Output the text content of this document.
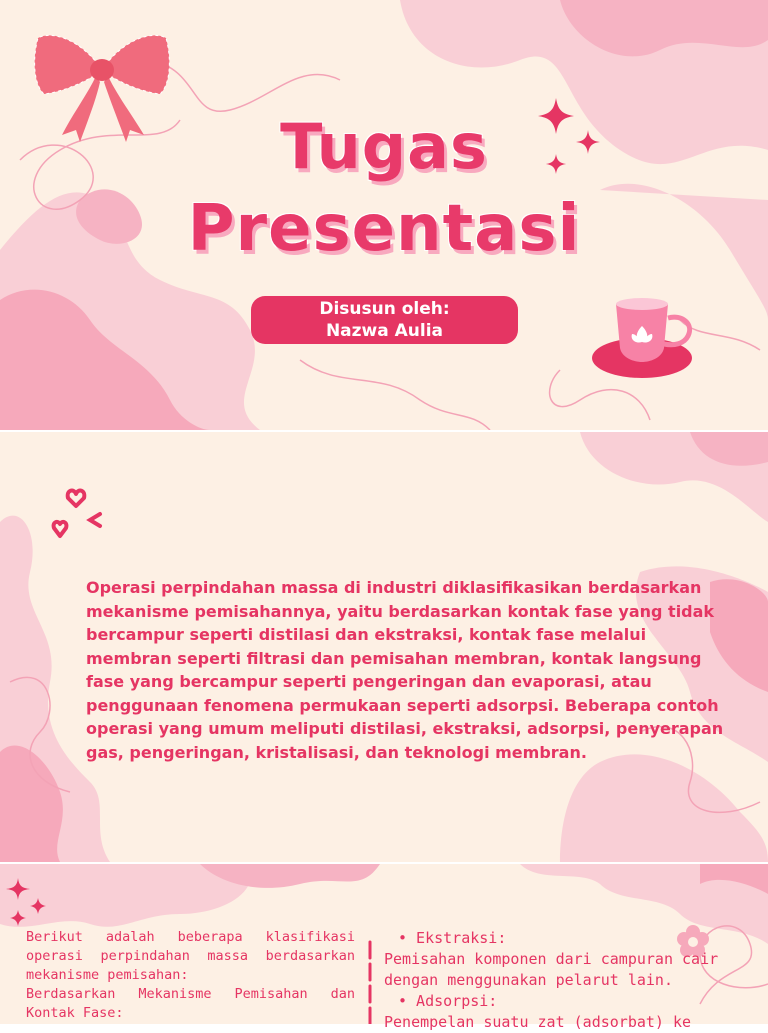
Tugas
Presentasi
Disusun oleh:
Nazwa Aulia
Operasi perpindahan massa di industri diklasifikasikan berdasarkan mekanisme pemisahannya, yaitu berdasarkan kontak fase yang tidak bercampur seperti distilasi dan ekstraksi, kontak fase melalui membran seperti filtrasi dan pemisahan membran, kontak langsung fase yang bercampur seperti pengeringan dan evaporasi, atau penggunaan fenomena permukaan seperti adsorpsi. Beberapa contoh operasi yang umum meliputi distilasi, ekstraksi, adsorpsi, penyerapan gas, pengeringan, kristalisasi, dan teknologi membran.

Berikut adalah beberapa klasifikasi operasi perpindahan massa berdasarkan mekanisme pemisahan:

Berdasarkan Mekanisme Pemisahan dan Kontak Fase:

• Ekstraksi:

Pemisahan komponen dari campuran cair dengan menggunakan pelarut lain.

• Adsorpsi:

Penempelan suatu zat (adsorbat) ke
